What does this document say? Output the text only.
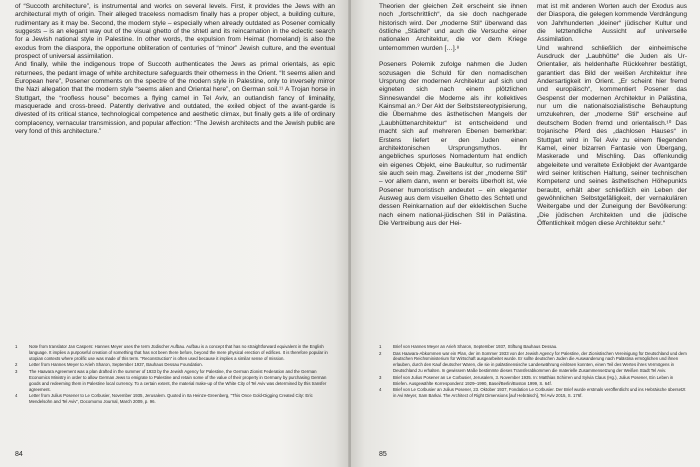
of “Succoth architecture”, is instrumental and works on several levels. First, it provides the Jews with an architectural myth of origin. Their alleged traceless nomadism finally has a proper object, a building culture, rudimentary as it may be. Second, the modern style – especially when already outdated as Posener comically suggests – is an elegant way out of the visual ghetto of the shtetl and its reincarnation in the eclectic search for a Jewish national style in Palestine. In other words, the expulsion from Heimat (homeland) is also the exodus from the diaspora, the opportune obliteration of centuries of “minor” Jewish culture, and the eventual prospect of universal assimilation.

And finally, while the indigenous trope of Succoth authenticates the Jews as primal orientals, as epic returnees, the pedant image of white architecture safeguards their otherness in the Orient. “It seems alien and European here”, Posener comments on the spectre of the modern style in Palestine, only to inversely mirror the Nazi allegation that the modern style “seems alien and Oriental here”, on German soil.¹¹ A Trojan horse in Stuttgart, the “roofless house” becomes a flying camel in Tel Aviv, an outlandish fancy of liminality, masquerade and cross-breed. Patently derivative and outdated, the exiled object of the avant-garde is divested of its critical stance, technological competence and aesthetic climax, but finally gets a life of ordinary complacency, vernacular transmission, and popular affection: “The Jewish architects and the Jewish public are very fond of this architecture.”

1	Note from translator Jan Caspers: Hannes Meyer uses the term Jüdischer Aufbau. Aufbau is a concept that has no straightforward equivalent in the English language. It implies a purposeful creation of something that has not been there before, beyond the mere physical erection of edifices. It is therefore popular in utopian contexts where prolific use was made of this term. “Reconstruction” is often used because it implies a similar sense of mission.
2	Letter from Hannes Meyer to Arieh Sharon, September 1937, Bauhaus Dessau Foundation.
3	The Haavara Agreement was a plan drafted in the summer of 1933 by the Jewish Agency for Palestine, the German Zionist Federation and the German Economics Ministry in order to allow German Jews to emigrate to Palestine and retain some of the value of their property in Germany by purchasing German goods and redeeming them in Palestine local currency. To a certain extent, the material make-up of the White City of Tel Aviv was determined by this transfer agreement.
4	Letter from Julius Posener to Le Corbusier, November 1935, Jerusalem. Quoted in Ita Heinze-Greenberg, “This Once Gold-Digging Created City: Eric Mendelsohn and Tel Aviv”, Docomomo Journal, March 2009, p. 96.
84

Theorien der gleichen Zeit erscheint sie ihnen noch „fortschrittlich“, da sie doch nachgerade historisch wird. Der „moderne Stil“ überwand das östliche „Städtel“ und auch die Versuche einer nationalen Architektur, die vor dem Kriege unternommen wurden […].⁸

Poseners Polemik zufolge nahmen die Juden sozusagen die Schuld für den nomadischen Ursprung der modernen Architektur auf sich und eigneten sich nach einem plötzlichen Sinneswandel die Moderne als ihr kollektives Kainsmal an.⁹ Der Akt der Selbststereotypisierung, die Übernahme des ästhetischen Mangels der „Laubhüttenarchitektur“ ist entscheidend und macht sich auf mehreren Ebenen bemerkbar: Erstens liefert er den Juden einen architektonischen Ursprungsmythos. Ihr angebliches spurloses Nomadentum hat endlich ein eigenes Objekt, eine Baukultur, so rudimentär sie auch sein mag. Zweitens ist der „moderne Stil“ – vor allem dann, wenn er bereits überholt ist, wie Posener humoristisch andeutet – ein eleganter Ausweg aus dem visuellen Ghetto des Schtetl und dessen Reinkarnation auf der eklektischen Suche nach einem national-jüdischen Stil in Palästina. Die Vertreibung aus der Hei-

mat ist mit anderen Worten auch der Exodus aus der Diaspora, die gelegen kommende Verdrängung von Jahrhunderten „kleiner“ jüdischer Kultur und die letztendliche Aussicht auf universelle Assimilation.

Und wahrend schließlich der einheimische Ausdruck der „Laubhütte“ die Juden als Ur-Orientalier, als heldenhafte Rückkehrer bestätigt, garantiert das Bild der weißen Architektur ihre Andersartigkeit im Orient. „Er scheint hier fremd und europäisch“, kommentiert Posener das Gespenst der modernen Architektur in Palästina, nur um die nationalsozialistische Behauptung umzukehren, der „moderne Stil“ erscheine auf deutschem Boden fremd und orientalisch.¹⁰ Das trojanische Pferd des „dachlosen Hauses“ in Stuttgart wird in Tel Aviv zu einem fliegenden Kamel, einer bizarren Fantasie von Übergang, Maskerade und Mischling. Das offenkundig abgeleitete und veraltete Exilobjekt der Avantgarde wird seiner kritischen Haltung, seiner technischen Kompetenz und seines ästhetischen Höhepunkts beraubt, erhält aber schließlich ein Leben der gewöhnlichen Selbstgefälligkeit, der vernakulären Weitergabe und der Zuneigung der Bevölkerung: „Die jüdischen Architekten und die jüdische Öffentlichkeit mögen diese Architektur sehr.“

1	Brief von Hannes Meyer an Arieh Sharon, September 1937, Stiftung Bauhaus Dessau.
2	Das Haavara-Abkommen war ein Plan, der im Sommer 1933 von der Jewish Agency for Palestine, der Zionistischen Vereinigung für Deutschland und dem deutschen Reichsministerium für Wirtschaft ausgearbeitet wurde. Er sollte deutschen Juden die Auswanderung nach Palästina ermöglichen und ihnen erlauben, durch den Kauf deutscher Waren, die sie in palästinensische Landeswährung einlösen konnten, einen Teil des Wertes ihres Vermögens in Deutschland zu erhalten. In gewissem Maße bestimmte dieses Transferabkommen die materielle Zusammensetzung der Weißen Stadt Tel Aviv.
3	Brief von Julius Posener an Le Corbusier, Jerusalem, 3. November 1935. In: Matthias Schirren und Sylvia Claus (Hg.), Julius Posener, Ein Leben in Briefen. Ausgewählte Korrespondenz 1929–1990, Basel/Berlin/Boston 1999, S. 64f.
4	Brief von Le Corbusier an Julius Posener, 23. Oktober 1937, Fondation Le Corbusier. Der Brief wurde erstmals veröffentlicht und ins Hebräische übersetzt in Avi Meyer, Sam Barkai. The Architect of Right Dimensions [auf Hebräisch], Tel Aviv 2015, S. 176f.
85
